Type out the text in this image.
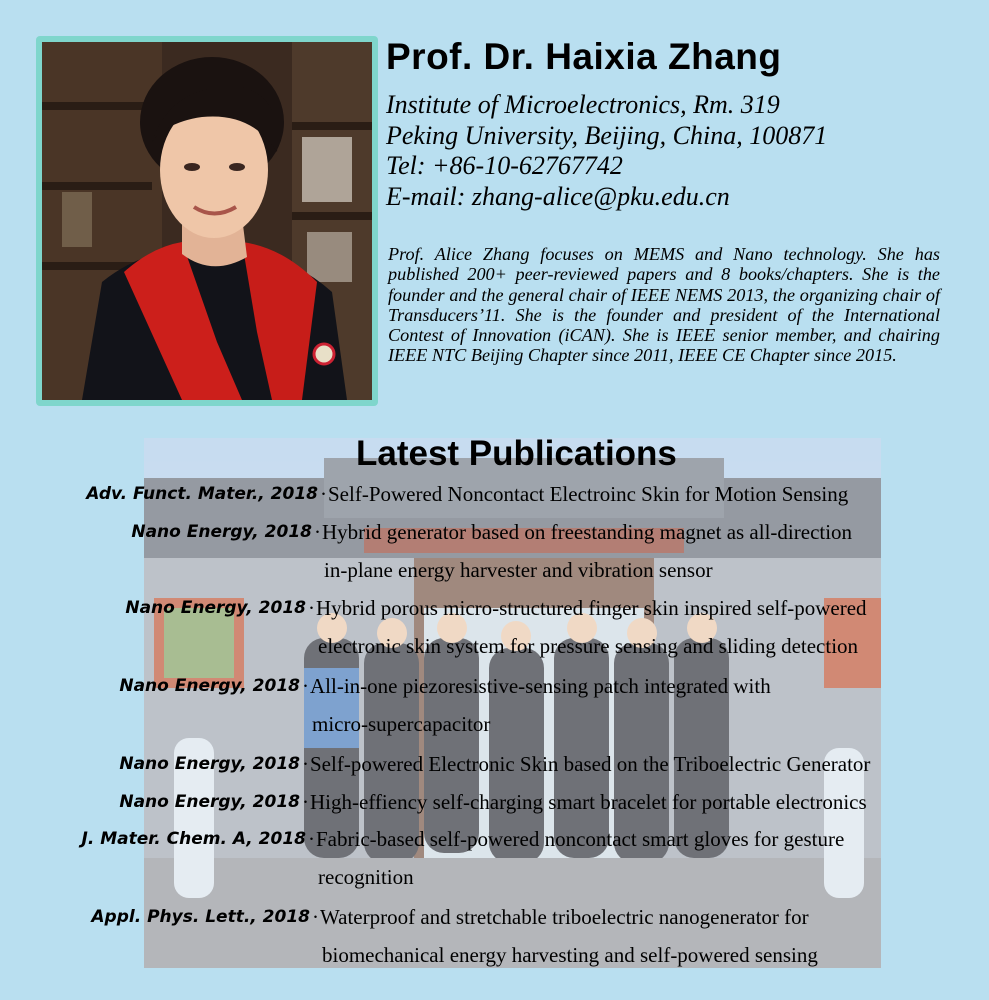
Prof. Dr. Haixia Zhang
Institute of Microelectronics, Rm. 319
Peking University, Beijing, China, 100871
Tel: +86-10-62767742
E-mail: zhang-alice@pku.edu.cn
Prof. Alice Zhang focuses on MEMS and Nano technology. She has published 200+ peer-reviewed papers and 8 books/chapters. She is the founder and the general chair of IEEE NEMS 2013, the organizing chair of Transducers’11. She is the founder and president of the International Contest of Innovation (iCAN). She is IEEE senior member, and chairing IEEE NTC Beijing Chapter since 2011, IEEE CE Chapter since 2015.
Latest Publications
Adv. Funct. Mater., 2018 · Self-Powered Noncontact Electroinc Skin for Motion Sensing
Nano Energy, 2018 · Hybrid generator based on freestanding magnet as all-direction
in-plane energy harvester and vibration sensor
Nano Energy, 2018 · Hybrid porous micro-structured finger skin inspired self-powered
electronic skin system for pressure sensing and sliding detection
Nano Energy, 2018 · All-in-one piezoresistive-sensing patch integrated with
micro-supercapacitor
Nano Energy, 2018 · Self-powered Electronic Skin based on the Triboelectric Generator
Nano Energy, 2018 · High-effiency self-charging smart bracelet for portable electronics
J. Mater. Chem. A, 2018 · Fabric-based self-powered noncontact smart gloves for gesture
recognition
Appl. Phys. Lett., 2018 · Waterproof and stretchable triboelectric nanogenerator for
biomechanical energy harvesting and self-powered sensing
